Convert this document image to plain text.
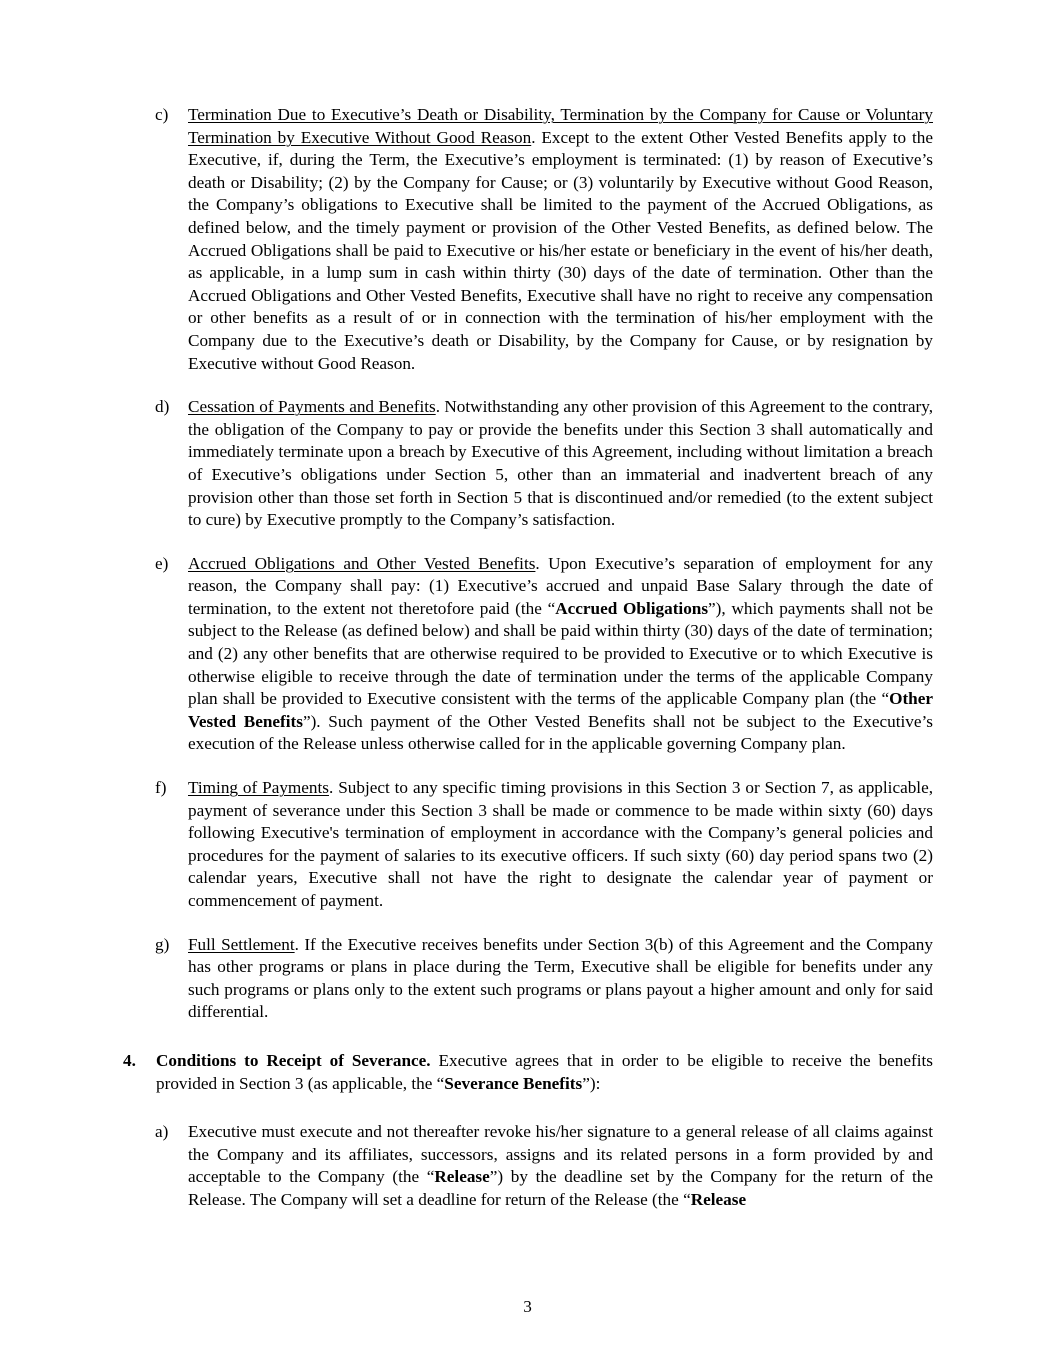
c)	Termination Due to Executive’s Death or Disability, Termination by the Company for Cause or Voluntary Termination by Executive Without Good Reason. Except to the extent Other Vested Benefits apply to the Executive, if, during the Term, the Executive’s employment is terminated: (1) by reason of Executive’s death or Disability; (2) by the Company for Cause; or (3) voluntarily by Executive without Good Reason, the Company’s obligations to Executive shall be limited to the payment of the Accrued Obligations, as defined below, and the timely payment or provision of the Other Vested Benefits, as defined below. The Accrued Obligations shall be paid to Executive or his/her estate or beneficiary in the event of his/her death, as applicable, in a lump sum in cash within thirty (30) days of the date of termination. Other than the Accrued Obligations and Other Vested Benefits, Executive shall have no right to receive any compensation or other benefits as a result of or in connection with the termination of his/her employment with the Company due to the Executive’s death or Disability, by the Company for Cause, or by resignation by Executive without Good Reason.
d)	Cessation of Payments and Benefits. Notwithstanding any other provision of this Agreement to the contrary, the obligation of the Company to pay or provide the benefits under this Section 3 shall automatically and immediately terminate upon a breach by Executive of this Agreement, including without limitation a breach of Executive’s obligations under Section 5, other than an immaterial and inadvertent breach of any provision other than those set forth in Section 5 that is discontinued and/or remedied (to the extent subject to cure) by Executive promptly to the Company’s satisfaction.
e)	Accrued Obligations and Other Vested Benefits. Upon Executive’s separation of employment for any reason, the Company shall pay: (1) Executive’s accrued and unpaid Base Salary through the date of termination, to the extent not theretofore paid (the “Accrued Obligations”), which payments shall not be subject to the Release (as defined below) and shall be paid within thirty (30) days of the date of termination; and (2) any other benefits that are otherwise required to be provided to Executive or to which Executive is otherwise eligible to receive through the date of termination under the terms of the applicable Company plan shall be provided to Executive consistent with the terms of the applicable Company plan (the “Other Vested Benefits”). Such payment of the Other Vested Benefits shall not be subject to the Executive’s execution of the Release unless otherwise called for in the applicable governing Company plan.
f)	Timing of Payments. Subject to any specific timing provisions in this Section 3 or Section 7, as applicable, payment of severance under this Section 3 shall be made or commence to be made within sixty (60) days following Executive's termination of employment in accordance with the Company’s general policies and procedures for the payment of salaries to its executive officers. If such sixty (60) day period spans two (2) calendar years, Executive shall not have the right to designate the calendar year of payment or commencement of payment.
g)	Full Settlement. If the Executive receives benefits under Section 3(b) of this Agreement and the Company has other programs or plans in place during the Term, Executive shall be eligible for benefits under any such programs or plans only to the extent such programs or plans payout a higher amount and only for said differential.
4.	Conditions to Receipt of Severance. Executive agrees that in order to be eligible to receive the benefits provided in Section 3 (as applicable, the “Severance Benefits”):
a)	Executive must execute and not thereafter revoke his/her signature to a general release of all claims against the Company and its affiliates, successors, assigns and its related persons in a form provided by and acceptable to the Company (the “Release”) by the deadline set by the Company for the return of the Release. The Company will set a deadline for return of the Release (the “Release
3
